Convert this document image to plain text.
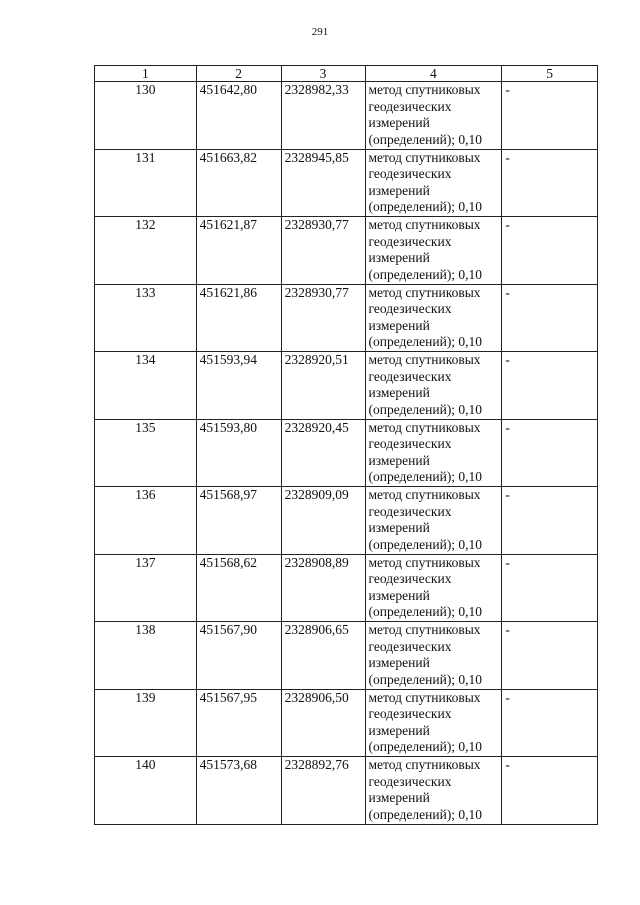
291
1	2	3	4	5
130	451642,80	2328982,33	метод спутниковых
геодезических
измерений
(определений); 0,10	-
131	451663,82	2328945,85	метод спутниковых
геодезических
измерений
(определений); 0,10	-
132	451621,87	2328930,77	метод спутниковых
геодезических
измерений
(определений); 0,10	-
133	451621,86	2328930,77	метод спутниковых
геодезических
измерений
(определений); 0,10	-
134	451593,94	2328920,51	метод спутниковых
геодезических
измерений
(определений); 0,10	-
135	451593,80	2328920,45	метод спутниковых
геодезических
измерений
(определений); 0,10	-
136	451568,97	2328909,09	метод спутниковых
геодезических
измерений
(определений); 0,10	-
137	451568,62	2328908,89	метод спутниковых
геодезических
измерений
(определений); 0,10	-
138	451567,90	2328906,65	метод спутниковых
геодезических
измерений
(определений); 0,10	-
139	451567,95	2328906,50	метод спутниковых
геодезических
измерений
(определений); 0,10	-
140	451573,68	2328892,76	метод спутниковых
геодезических
измерений
(определений); 0,10	-
